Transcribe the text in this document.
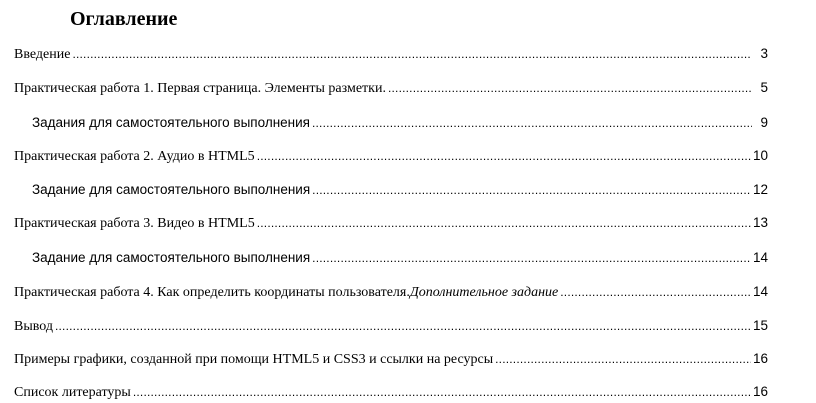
Оглавление
Введение .....	3
Практическая работа 1. Первая страница. Элементы разметки. .....	5
Задания для самостоятельного выполнения .....	9
Практическая работа 2. Аудио в HTML5 .....	10
Задание для самостоятельного выполнения .....	12
Практическая работа 3. Видео в HTML5 .....	13
Задание для самостоятельного выполнения .....	14
Практическая работа 4. Как определить координаты пользователя. Дополнительное задание .....	14
Вывод .....	15
Примеры графики, созданной при помощи HTML5 и CSS3 и ссылки на ресурсы .....	16
Список литературы .....	16
